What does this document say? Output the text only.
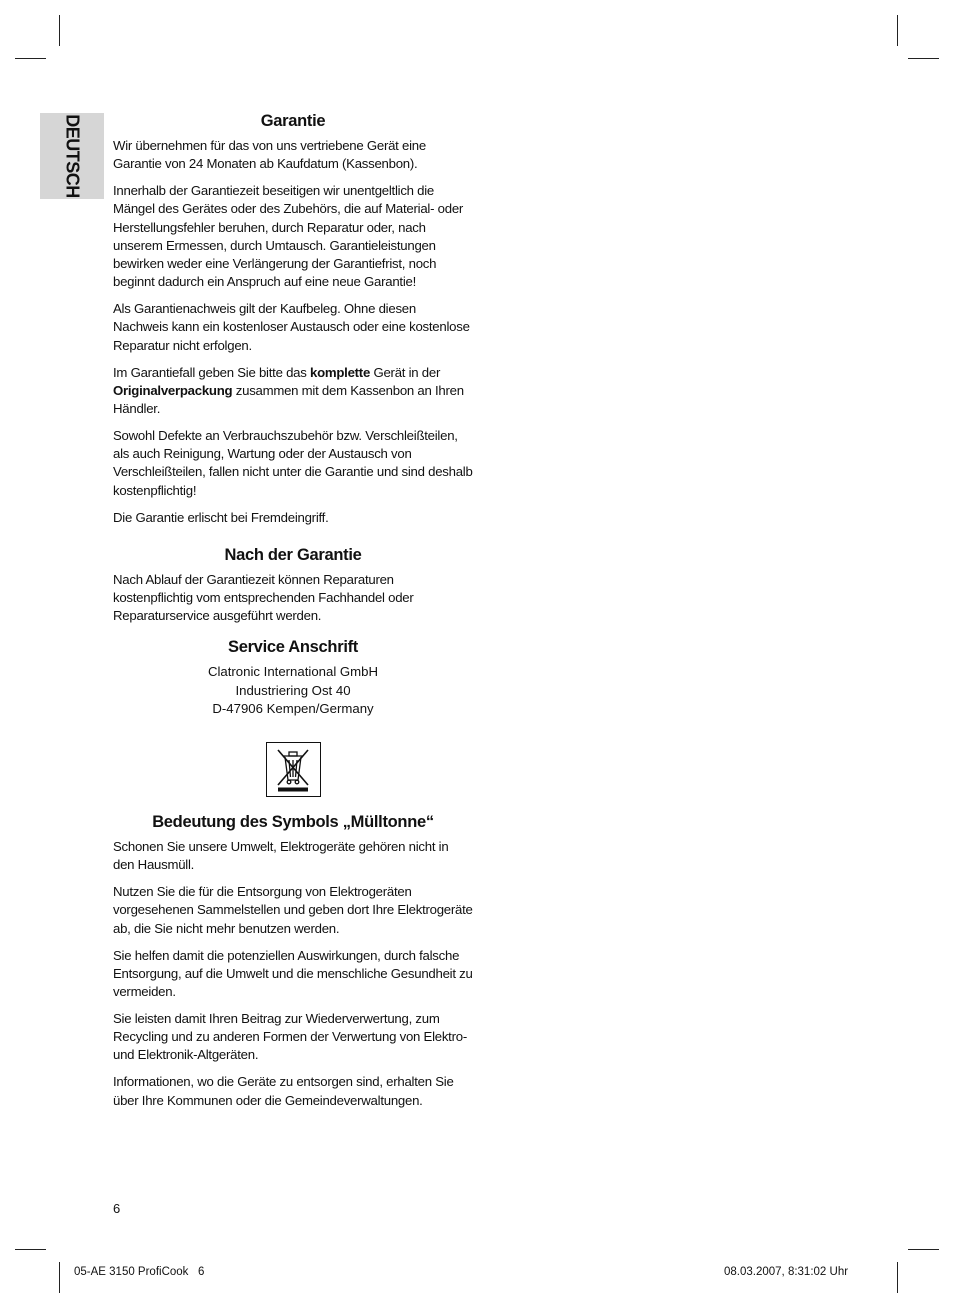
DEUTSCH	Garantie

Wir übernehmen für das von uns vertriebene Gerät eine Garantie von 24 Monaten ab Kaufdatum (Kassenbon).

Innerhalb der Garantiezeit beseitigen wir unentgeltlich die Mängel des Gerätes oder des Zubehörs, die auf Material- oder Herstellungsfehler beruhen, durch Reparatur oder, nach unserem Ermessen, durch Umtausch. Garantieleistungen bewirken weder eine Verlängerung der Garantiefrist, noch beginnt dadurch ein Anspruch auf eine neue Garantie!

Als Garantienachweis gilt der Kaufbeleg. Ohne diesen Nachweis kann ein kostenloser Austausch oder eine kostenlose Reparatur nicht erfolgen.

Im Garantiefall geben Sie bitte das komplette Gerät in der Originalverpackung zusammen mit dem Kassenbon an Ihren Händler.

Sowohl Defekte an Verbrauchszubehör bzw. Verschleißteilen, als auch Reinigung, Wartung oder der Austausch von Verschleißteilen, fallen nicht unter die Garantie und sind deshalb kostenpflichtig!

Die Garantie erlischt bei Fremdeingriff.

Nach der Garantie

Nach Ablauf der Garantiezeit können Reparaturen kostenpflichtig vom entsprechenden Fachhandel oder Reparaturservice ausgeführt werden.

Service Anschrift
Clatronic International GmbH
Industriering Ost 40
D-47906 Kempen/Germany
Bedeutung des Symbols „Mülltonne“

Schonen Sie unsere Umwelt, Elektrogeräte gehören nicht in den Hausmüll.

Nutzen Sie die für die Entsorgung von Elektrogeräten vorgesehenen Sammelstellen und geben dort Ihre Elektrogeräte ab, die Sie nicht mehr benutzen werden.

Sie helfen damit die potenziellen Auswirkungen, durch falsche Entsorgung, auf die Umwelt und die menschliche Gesundheit zu vermeiden.

Sie leisten damit Ihren Beitrag zur Wiederverwertung, zum Recycling und zu anderen Formen der Verwertung von Elektro- und Elektronik-Altgeräten.

Informationen, wo die Geräte zu entsorgen sind, erhalten Sie über Ihre Kommunen oder die Gemeindeverwaltungen.

6
05-AE 3150 ProfiCook   6	08.03.2007, 8:31:02 Uhr
